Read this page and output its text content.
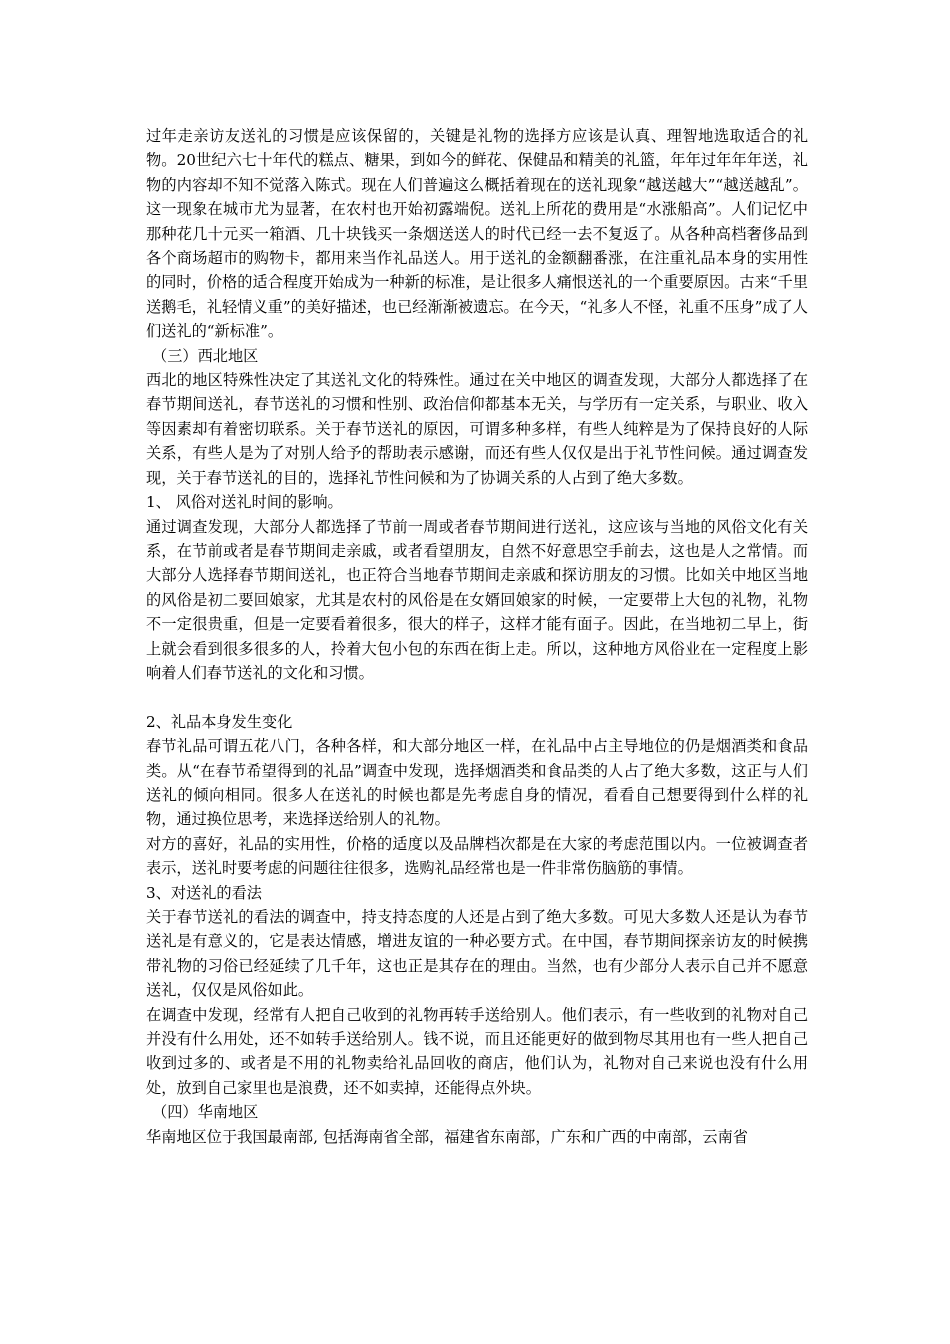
过年走亲访友送礼的习惯是应该保留的，关键是礼物的选择方应该是认真、理智地选取适合的礼物。20世纪六七十年代的糕点、糖果，到如今的鲜花、保健品和精美的礼篮，年年过年年年送，礼物的内容却不知不觉落入陈式。现在人们普遍这么概括着现在的送礼现象“越送越大”“越送越乱”。这一现象在城市尤为显著，在农村也开始初露端倪。送礼上所花的费用是“水涨船高”。人们记忆中那种花几十元买一箱酒、几十块钱买一条烟送送人的时代已经一去不复返了。从各种高档奢侈品到各个商场超市的购物卡，都用来当作礼品送人。用于送礼的金额翻番涨，在注重礼品本身的实用性的同时，价格的适合程度开始成为一种新的标准，是让很多人痛恨送礼的一个重要原因。古来“千里送鹅毛，礼轻情义重”的美好描述，也已经渐渐被遗忘。在今天，“礼多人不怪，礼重不压身”成了人们送礼的“新标准”。

（三）西北地区

西北的地区特殊性决定了其送礼文化的特殊性。通过在关中地区的调查发现，大部分人都选择了在春节期间送礼，春节送礼的习惯和性别、政治信仰都基本无关，与学历有一定关系，与职业、收入等因素却有着密切联系。关于春节送礼的原因，可谓多种多样，有些人纯粹是为了保持良好的人际关系，有些人是为了对别人给予的帮助表示感谢，而还有些人仅仅是出于礼节性问候。通过调查发现，关于春节送礼的目的，选择礼节性问候和为了协调关系的人占到了绝大多数。

1、 风俗对送礼时间的影响。

通过调查发现，大部分人都选择了节前一周或者春节期间进行送礼，这应该与当地的风俗文化有关系，在节前或者是春节期间走亲戚，或者看望朋友，自然不好意思空手前去，这也是人之常情。而大部分人选择春节期间送礼，也正符合当地春节期间走亲戚和探访朋友的习惯。比如关中地区当地的风俗是初二要回娘家，尤其是农村的风俗是在女婿回娘家的时候，一定要带上大包的礼物，礼物不一定很贵重，但是一定要看着很多，很大的样子，这样才能有面子。因此，在当地初二早上，街上就会看到很多很多的人，拎着大包小包的东西在街上走。所以，这种地方风俗业在一定程度上影响着人们春节送礼的文化和习惯。

2、礼品本身发生变化

春节礼品可谓五花八门，各种各样，和大部分地区一样，在礼品中占主导地位的仍是烟酒类和食品类。从“在春节希望得到的礼品”调查中发现，选择烟酒类和食品类的人占了绝大多数，这正与人们送礼的倾向相同。很多人在送礼的时候也都是先考虑自身的情况，看看自己想要得到什么样的礼物，通过换位思考，来选择送给别人的礼物。

对方的喜好，礼品的实用性，价格的适度以及品牌档次都是在大家的考虑范围以内。一位被调查者表示，送礼时要考虑的问题往往很多，选购礼品经常也是一件非常伤脑筋的事情。

3、对送礼的看法

关于春节送礼的看法的调查中，持支持态度的人还是占到了绝大多数。可见大多数人还是认为春节送礼是有意义的，它是表达情感，增进友谊的一种必要方式。在中国，春节期间探亲访友的时候携带礼物的习俗已经延续了几千年，这也正是其存在的理由。当然，也有少部分人表示自己并不愿意送礼，仅仅是风俗如此。

在调查中发现，经常有人把自己收到的礼物再转手送给别人。他们表示，有一些收到的礼物对自己并没有什么用处，还不如转手送给别人。钱不说，而且还能更好的做到物尽其用也有一些人把自己收到过多的、或者是不用的礼物卖给礼品回收的商店，他们认为，礼物对自己来说也没有什么用处，放到自己家里也是浪费，还不如卖掉，还能得点外块。

（四）华南地区

华南地区位于我国最南部, 包括海南省全部，福建省东南部，广东和广西的中南部，云南省
